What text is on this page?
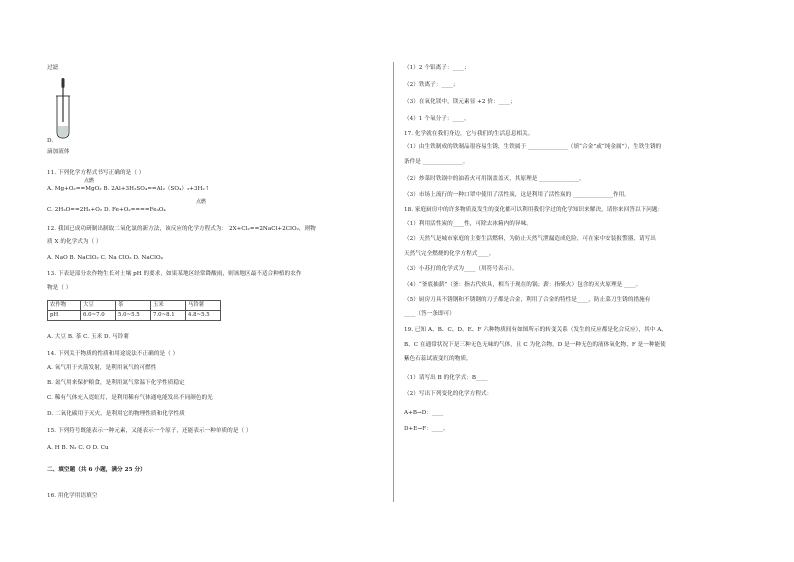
过滤
D.
滴加液体
11. 下列化学方程式书写正确的是（ ）
A. Mg+O₂==MgO₂ B. 2Al+3H₂SO₄==Al₂（SO₄）₃+3H₂↑
C. 2H₂O==2H₂+O₂ D. Fe+O₂====Fe₃O₄
12. 我国已成功研制出制取二氧化氯的新方法，该反应的化学方程式为： 2X+Cl₂==2NaCl+2ClO₂，则物
质 X 的化学式为（ ）
A. NaO B. NaClO₂ C. Na ClO₃ D. NaClO₄
13. 下表是部分农作物生长对土壤 pH 的要求，如果某地区经常降酸雨，则该地区最不适合种植的农作
物是（ ）
A. 大豆 B. 茶 C. 玉米 D. 马铃薯
14. 下列关于物质的性质和用途说法不正确的是（ ）
A. 氧气用于火箭发射，是利用氧气的可燃性
B. 氮气用来保护粮食，是利用氮气常温下化学性质稳定
C. 稀有气体充入霓虹灯，是利用稀有气体通电能发出不同颜色的光
D. 二氧化碳用于灭火，是利用它的物理性质和化学性质
15. 下列符号既能表示一种元素，又能表示一个原子，还能表示一种单质的是（ ）
A. H B. N₂ C. O D. Cu
二、填空题（共 6 小题，满分 25 分）
16. 用化学用语填空
（1）2 个铝离子：____；
（2）铁离子：____；
（3）在氧化镁中，镁元素显 +2 价：____；
（4）1 个氧分子：____。
17. 化学就在我们身边，它与我们的生活息息相关。
（1）由生铁制成的铁制品很容易生锈，生铁属于 ______________（填“合金”或“纯金属”），生铁生锈的
条件是 ______________。
（2）炒菜时铁锅中的油着火可用锅盖盖灭，其原理是 ______________。
（3）市场上流行的一种口罩中使用了活性炭，这是利用了活性炭的 ______________作用。
18. 家庭厨房中的许多物质及发生的变化都可以利用我们学过的化学知识来解决，请你来回答以下问题：
（1）利用活性炭的____性，可除去冰箱内的异味。
（2）天然气是城市家庭的主要生活燃料，为防止天然气泄漏造成危险，可在家中安装报警器，请写出
天然气完全燃烧的化学方程式____。
（3）小苏打的化学式为____（用符号表示）。
（4）“釜底抽薪”（釜：指古代炊具，相当于现在的锅；薪：指柴火）包含的灭火原理是 ____。
（5）厨房刀具不锈钢和不锈钢的刀子都是合金，利用了合金的特性是____，防止菜刀生锈的措施有
____（答一条即可）
19. 已知 A、B、C、D、E、F 六种物质间有如图所示的转变关系（发生的反应都是化合反应），其中 A、
B、C 在通常状况下是三种无色无味的气体，且 C 为化合物，D 是一种无色的液体氧化物，F 是一种能使
紫色石蕊试液变红的物质。
（1）请写出 B 的化学式：B____
（2）写出下列变化的化学方程式：
A+B→D：____
D+E→F：____。
农作物	大豆	茶	玉米	马铃薯
pH	6.0~7.0	5.0~5.5	7.0~8.1	4.8~5.5
点燃
点燃
